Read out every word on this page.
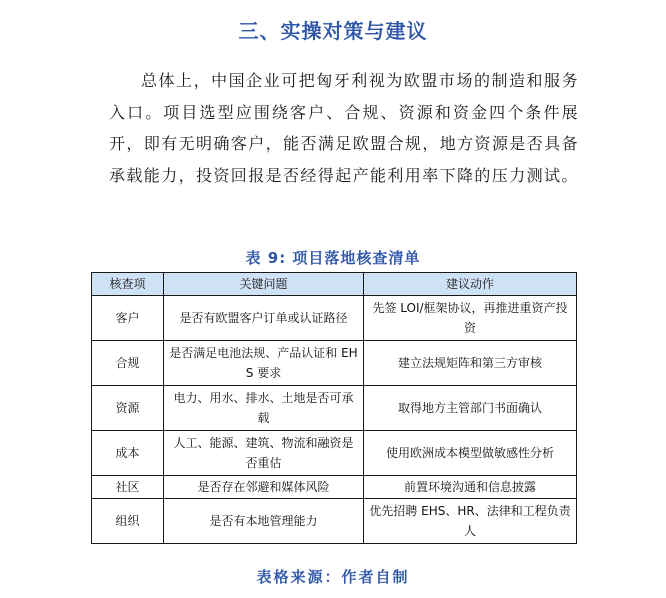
三、实操对策与建议

总体上，中国企业可把匈牙利视为欧盟市场的制造和服务入口。项目选型应围绕客户、合规、资源和资金四个条件展开，即有无明确客户，能否满足欧盟合规，地方资源是否具备承载能力，投资回报是否经得起产能利用率下降的压力测试。

表 9: 项目落地核查清单
核查项	关键问题	建议动作
客户	是否有欧盟客户订单或认证路径	先签 LOI/框架协议，再推进重资产投资
合规	是否满足电池法规、产品认证和 EHS 要求	建立法规矩阵和第三方审核
资源	电力、用水、排水、土地是否可承载	取得地方主管部门书面确认
成本	人工、能源、建筑、物流和融资是否重估	使用欧洲成本模型做敏感性分析
社区	是否存在邻避和媒体风险	前置环境沟通和信息披露
组织	是否有本地管理能力	优先招聘 EHS、HR、法律和工程负责人
表格来源：作者自制
